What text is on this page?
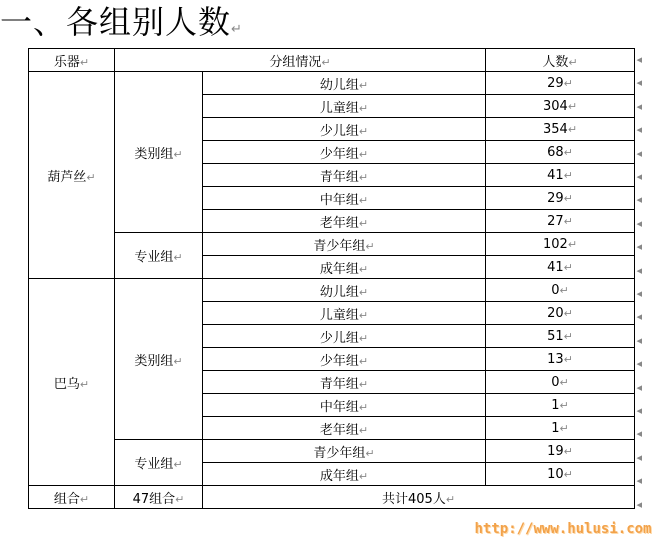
一、各组别人数↵
乐器↵	分组情况↵		人数↵
葫芦丝↵	类别组↵	幼儿组↵	29↵
		儿童组↵	304↵
		少儿组↵	354↵
		少年组↵	68↵
		青年组↵	41↵
		中年组↵	29↵
		老年组↵	27↵
	专业组↵	青少年组↵	102↵
		成年组↵	41↵
巴乌↵	类别组↵	幼儿组↵	0↵
		儿童组↵	20↵
		少儿组↵	51↵
		少年组↵	13↵
		青年组↵	0↵
		中年组↵	1↵
		老年组↵	1↵
	专业组↵	青少年组↵	19↵
		成年组↵	10↵
组合↵	47组合↵	共计405人↵	
◂
◂
◂
◂
◂
◂
◂
◂
◂
◂
◂
◂
◂
◂
◂
◂
◂
◂
◂
◂
http://www.hulusi.com
